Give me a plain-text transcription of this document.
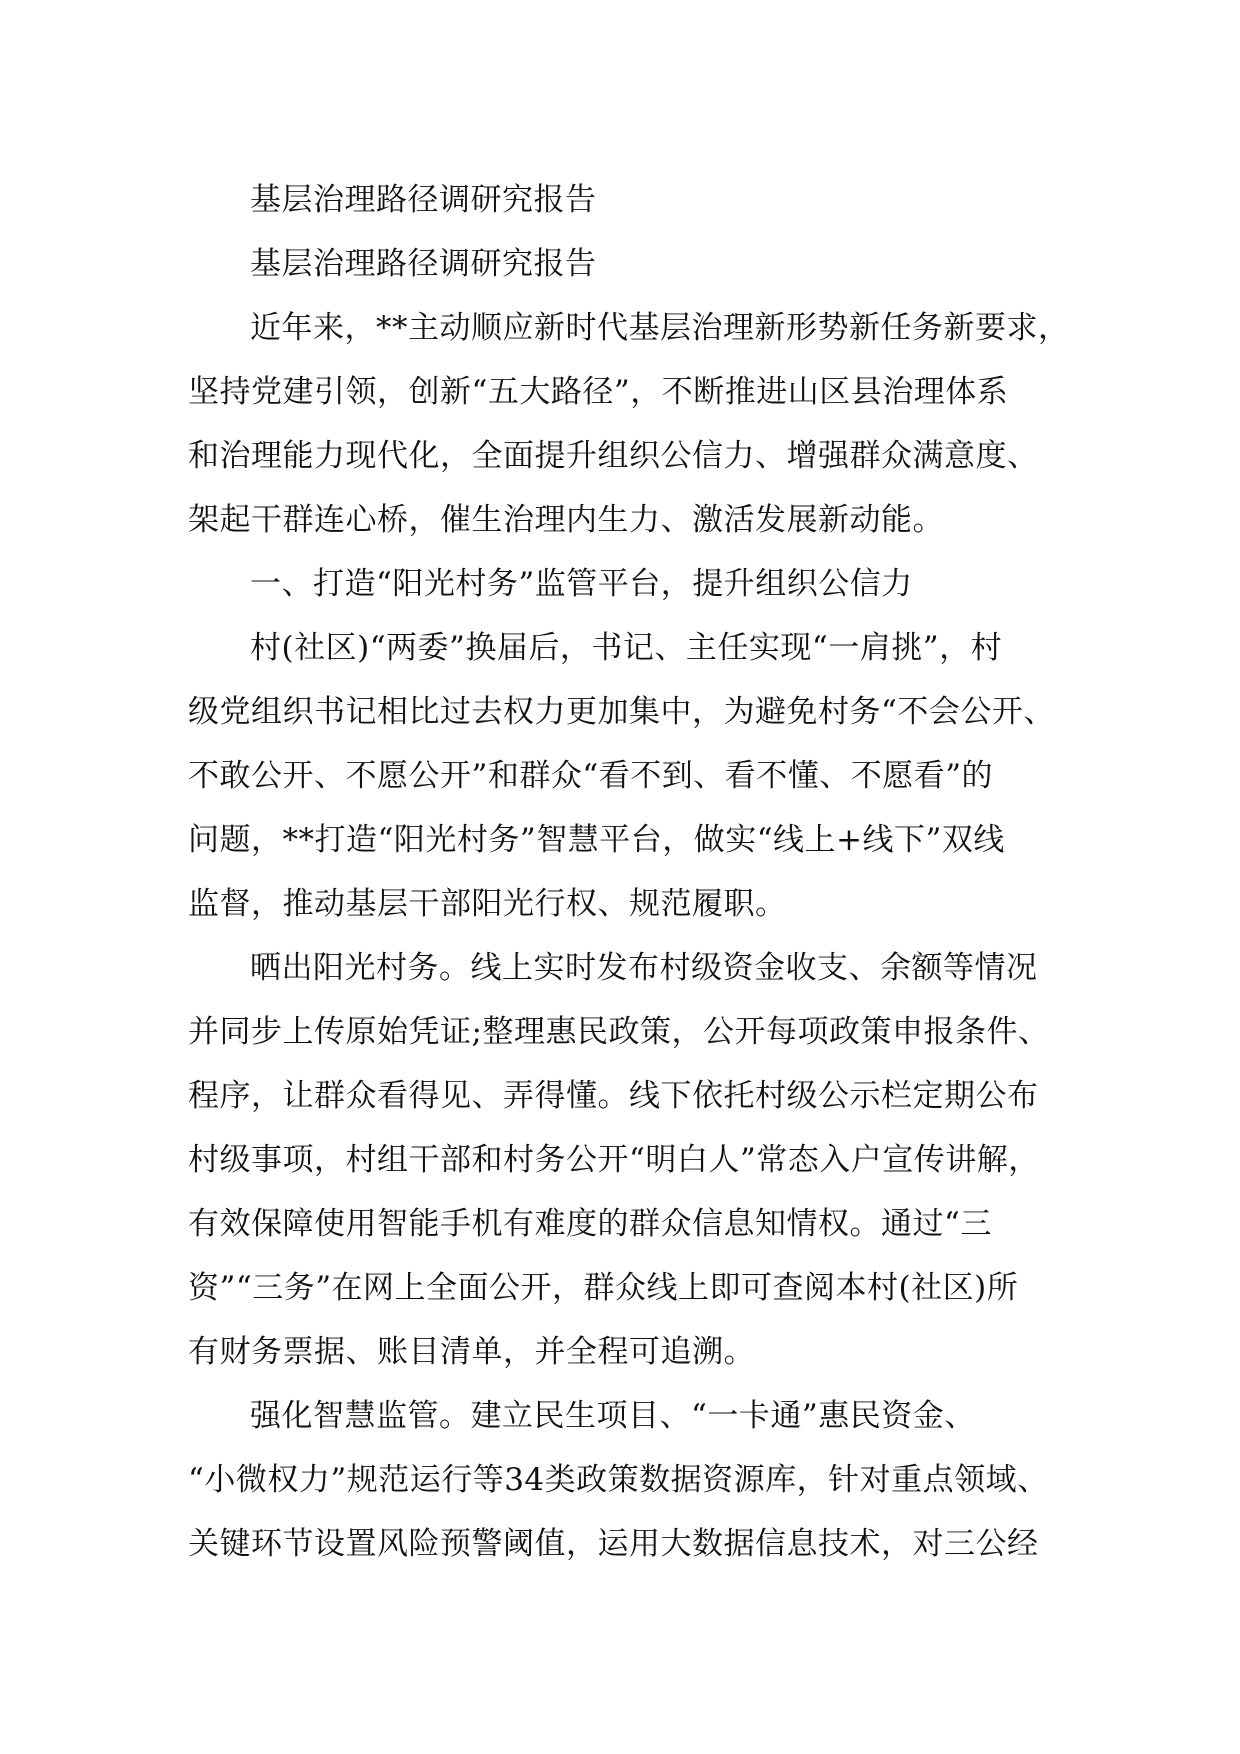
基层治理路径调研究报告

基层治理路径调研究报告

近年来，**主动顺应新时代基层治理新形势新任务新要求，

坚持党建引领，创新“五大路径”，不断推进山区县治理体系

和治理能力现代化，全面提升组织公信力、增强群众满意度、

架起干群连心桥，催生治理内生力、激活发展新动能。

一、打造“阳光村务”监管平台，提升组织公信力

村(社区)“两委”换届后，书记、主任实现“一肩挑”，村

级党组织书记相比过去权力更加集中，为避免村务“不会公开、

不敢公开、不愿公开”和群众“看不到、看不懂、不愿看”的

问题，**打造“阳光村务”智慧平台，做实“线上+线下”双线

监督，推动基层干部阳光行权、规范履职。

晒出阳光村务。线上实时发布村级资金收支、余额等情况

并同步上传原始凭证;整理惠民政策，公开每项政策申报条件、

程序，让群众看得见、弄得懂。线下依托村级公示栏定期公布

村级事项，村组干部和村务公开“明白人”常态入户宣传讲解，

有效保障使用智能手机有难度的群众信息知情权。通过“三

资”“三务”在网上全面公开，群众线上即可查阅本村(社区)所

有财务票据、账目清单，并全程可追溯。

强化智慧监管。建立民生项目、“一卡通”惠民资金、

“小微权力”规范运行等34类政策数据资源库，针对重点领域、

关键环节设置风险预警阈值，运用大数据信息技术，对三公经
